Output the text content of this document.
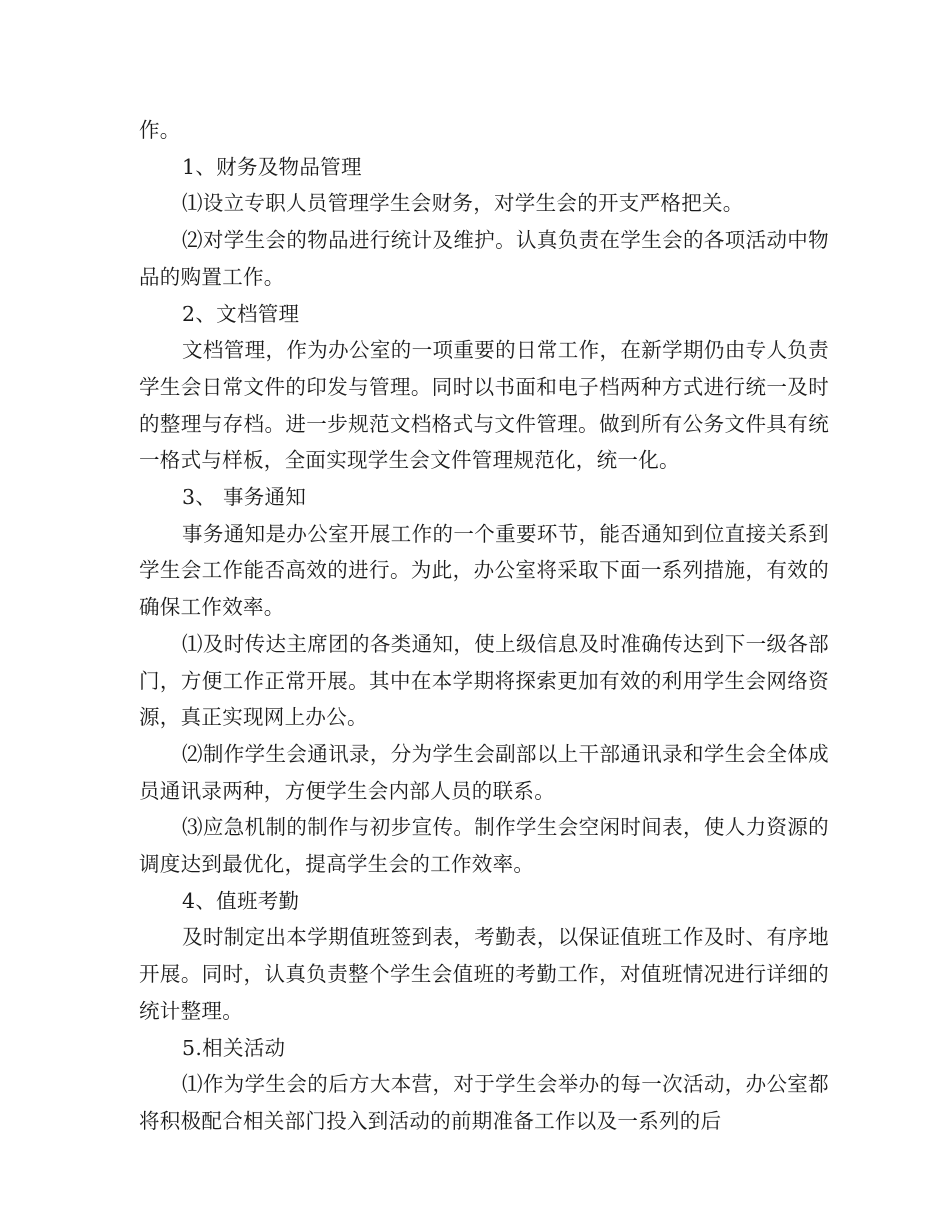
作。

1、财务及物品管理

⑴设立专职人员管理学生会财务，对学生会的开支严格把关。

⑵对学生会的物品进行统计及维护。认真负责在学生会的各项活动中物品的购置工作。

2、文档管理

文档管理，作为办公室的一项重要的日常工作，在新学期仍由专人负责学生会日常文件的印发与管理。同时以书面和电子档两种方式进行统一及时的整理与存档。进一步规范文档格式与文件管理。做到所有公务文件具有统一格式与样板，全面实现学生会文件管理规范化，统一化。

3、 事务通知

事务通知是办公室开展工作的一个重要环节，能否通知到位直接关系到学生会工作能否高效的进行。为此，办公室将采取下面一系列措施，有效的确保工作效率。

⑴及时传达主席团的各类通知，使上级信息及时准确传达到下一级各部门，方便工作正常开展。其中在本学期将探索更加有效的利用学生会网络资源，真正实现网上办公。

⑵制作学生会通讯录，分为学生会副部以上干部通讯录和学生会全体成员通讯录两种，方便学生会内部人员的联系。

⑶应急机制的制作与初步宣传。制作学生会空闲时间表，使人力资源的调度达到最优化，提高学生会的工作效率。

4、值班考勤

及时制定出本学期值班签到表，考勤表，以保证值班工作及时、有序地开展。同时，认真负责整个学生会值班的考勤工作，对值班情况进行详细的统计整理。

5.相关活动

⑴作为学生会的后方大本营，对于学生会举办的每一次活动，办公室都将积极配合相关部门投入到活动的前期准备工作以及一系列的后
